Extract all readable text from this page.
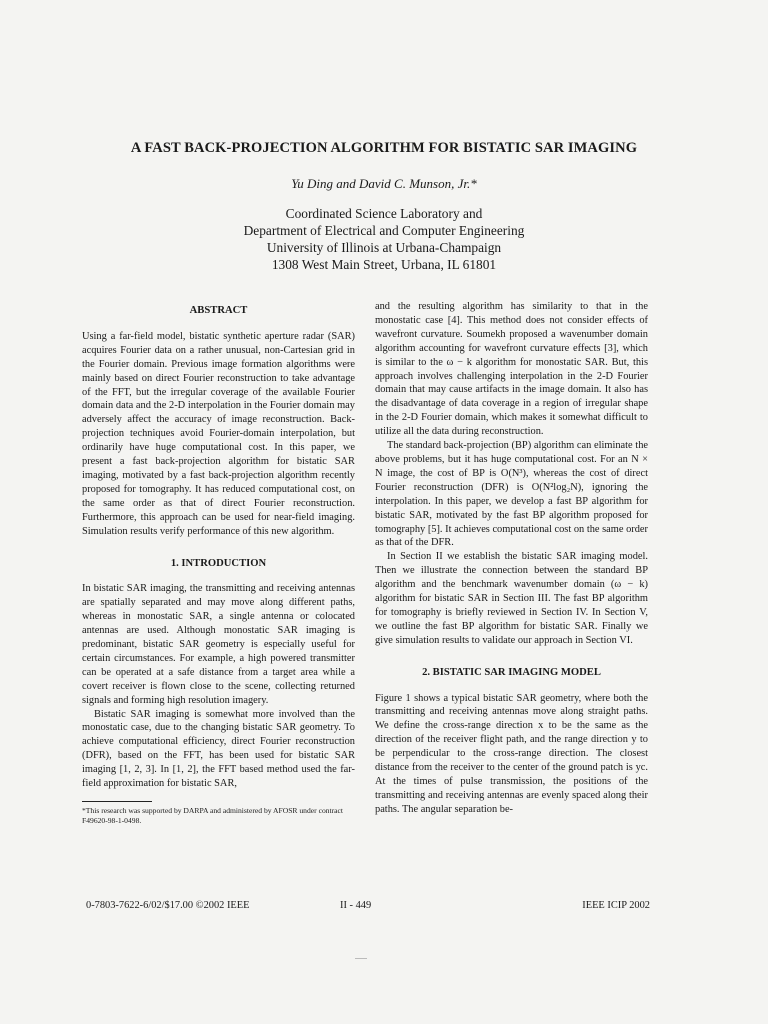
A FAST BACK-PROJECTION ALGORITHM FOR BISTATIC SAR IMAGING
Yu Ding and David C. Munson, Jr.*
Coordinated Science Laboratory and
Department of Electrical and Computer Engineering
University of Illinois at Urbana-Champaign
1308 West Main Street, Urbana, IL 61801
ABSTRACT

Using a far-field model, bistatic synthetic aperture radar (SAR) acquires Fourier data on a rather unusual, non-Cartesian grid in the Fourier domain. Previous image formation algorithms were mainly based on direct Fourier reconstruction to take advantage of the FFT, but the irregular coverage of the available Fourier domain data and the 2-D interpolation in the Fourier domain may adversely affect the accuracy of image reconstruction. Back-projection techniques avoid Fourier-domain interpolation, but ordinarily have huge computational cost. In this paper, we present a fast back-projection algorithm for bistatic SAR imaging, motivated by a fast back-projection algorithm recently proposed for tomography. It has reduced computational cost, on the same order as that of direct Fourier reconstruction. Furthermore, this approach can be used for near-field imaging. Simulation results verify performance of this new algorithm.

1. INTRODUCTION

In bistatic SAR imaging, the transmitting and receiving antennas are spatially separated and may move along different paths, whereas in monostatic SAR, a single antenna or colocated antennas are used. Although monostatic SAR imaging is predominant, bistatic SAR geometry is especially useful for certain circumstances. For example, a high powered transmitter can be operated at a safe distance from a target area while a covert receiver is flown close to the scene, collecting returned signals and forming high resolution imagery.

Bistatic SAR imaging is somewhat more involved than the monostatic case, due to the changing bistatic SAR geometry. To achieve computational efficiency, direct Fourier reconstruction (DFR), based on the FFT, has been used for bistatic SAR imaging [1, 2, 3]. In [1, 2], the FFT based method used the far-field approximation for bistatic SAR,

*This research was supported by DARPA and administered by AFOSR under contract F49620-98-1-0498.

and the resulting algorithm has similarity to that in the monostatic case [4]. This method does not consider effects of wavefront curvature. Soumekh proposed a wavenumber domain algorithm accounting for wavefront curvature effects [3], which is similar to the ω − k algorithm for monostatic SAR. But, this approach involves challenging interpolation in the 2-D Fourier domain that may cause artifacts in the image domain. It also has the disadvantage of data coverage in a region of irregular shape in the 2-D Fourier domain, which makes it somewhat difficult to utilize all the data during reconstruction.

The standard back-projection (BP) algorithm can eliminate the above problems, but it has huge computational cost. For an N × N image, the cost of BP is O(N³), whereas the cost of direct Fourier reconstruction (DFR) is O(N²log₂N), ignoring the interpolation. In this paper, we develop a fast BP algorithm for bistatic SAR, motivated by the fast BP algorithm proposed for tomography [5]. It achieves computational cost on the same order as that of the DFR.

In Section II we establish the bistatic SAR imaging model. Then we illustrate the connection between the standard BP algorithm and the benchmark wavenumber domain (ω − k) algorithm for bistatic SAR in Section III. The fast BP algorithm for tomography is briefly reviewed in Section IV. In Section V, we outline the fast BP algorithm for bistatic SAR. Finally we give simulation results to validate our approach in Section VI.

2. BISTATIC SAR IMAGING MODEL

Figure 1 shows a typical bistatic SAR geometry, where both the transmitting and receiving antennas move along straight paths. We define the cross-range direction x to be the same as the direction of the receiver flight path, and the range direction y to be perpendicular to the cross-range direction. The closest distance from the receiver to the center of the ground patch is yc. At the times of pulse transmission, the positions of the transmitting and receiving antennas are evenly spaced along their paths. The angular separation be-

0-7803-7622-6/02/$17.00 ©2002 IEEE	II - 449	IEEE ICIP 2002
